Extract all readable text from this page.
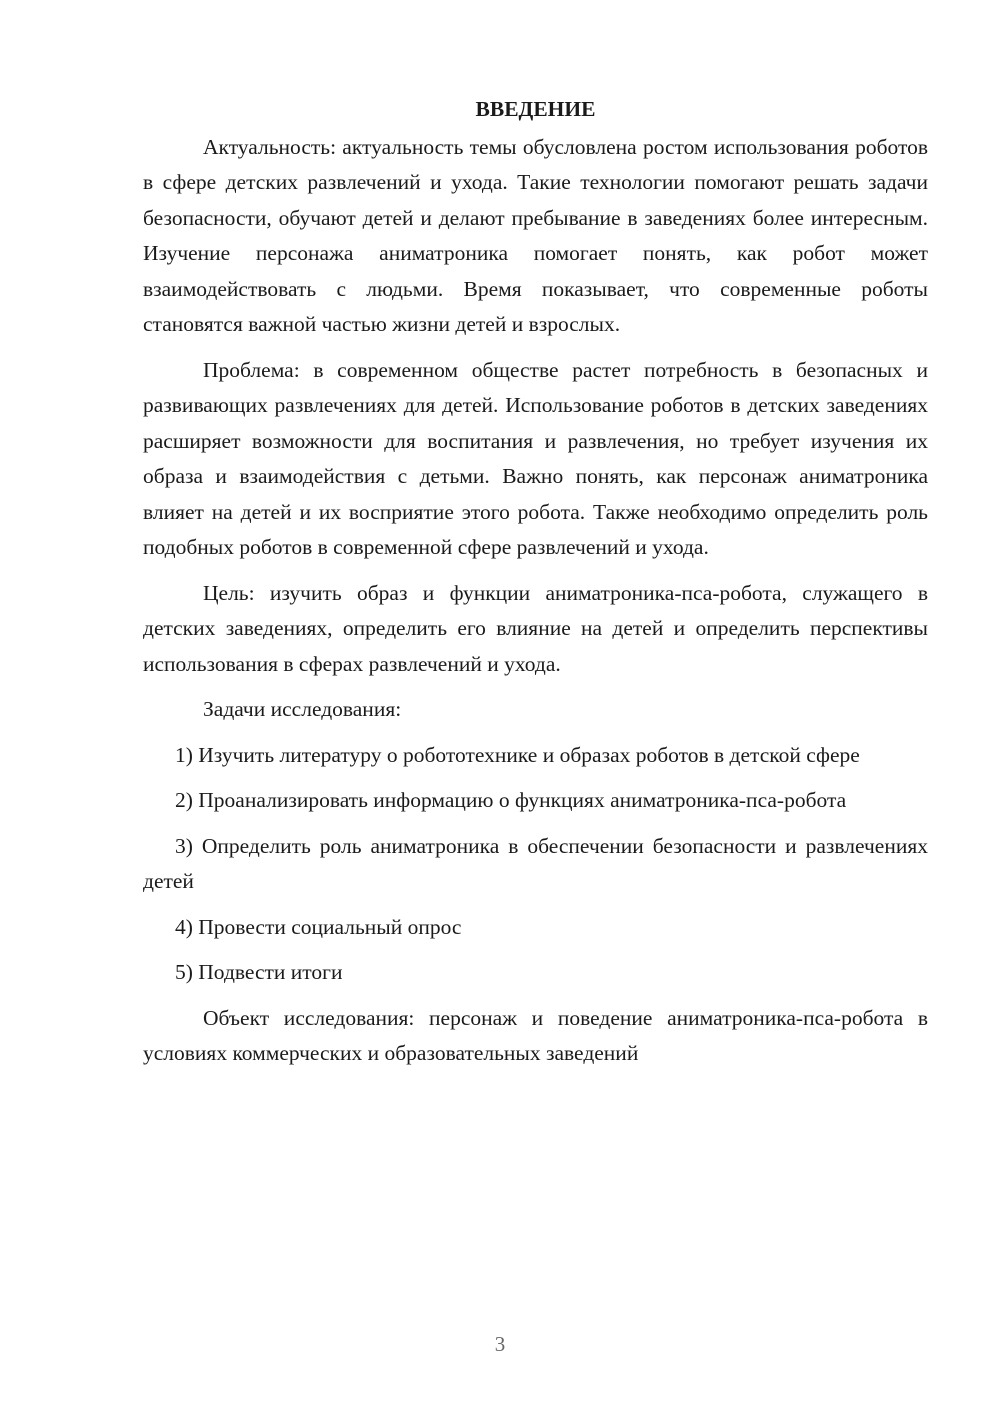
ВВЕДЕНИЕ

Актуальность: актуальность темы обусловлена ростом использования роботов в сфере детских развлечений и ухода. Такие технологии помогают решать задачи безопасности, обучают детей и делают пребывание в заведениях более интересным. Изучение персонажа аниматроника помогает понять, как робот может взаимодействовать с людьми. Время показывает, что современные роботы становятся важной частью жизни детей и взрослых.

Проблема: в современном обществе растет потребность в безопасных и развивающих развлечениях для детей. Использование роботов в детских заведениях расширяет возможности для воспитания и развлечения, но требует изучения их образа и взаимодействия с детьми. Важно понять, как персонаж аниматроника влияет на детей и их восприятие этого робота. Также необходимо определить роль подобных роботов в современной сфере развлечений и ухода.

Цель: изучить образ и функции аниматроника-пса-робота, служащего в детских заведениях, определить его влияние на детей и определить перспективы использования в сферах развлечений и ухода.

Задачи исследования:

1) Изучить литературу о робототехнике и образах роботов в детской сфере

2) Проанализировать информацию о функциях аниматроника-пса-робота

3) Определить роль аниматроника в обеспечении безопасности и развлечениях детей

4) Провести социальный опрос

5) Подвести итоги

Объект исследования: персонаж и поведение аниматроника-пса-робота в условиях коммерческих и образовательных заведений

3
